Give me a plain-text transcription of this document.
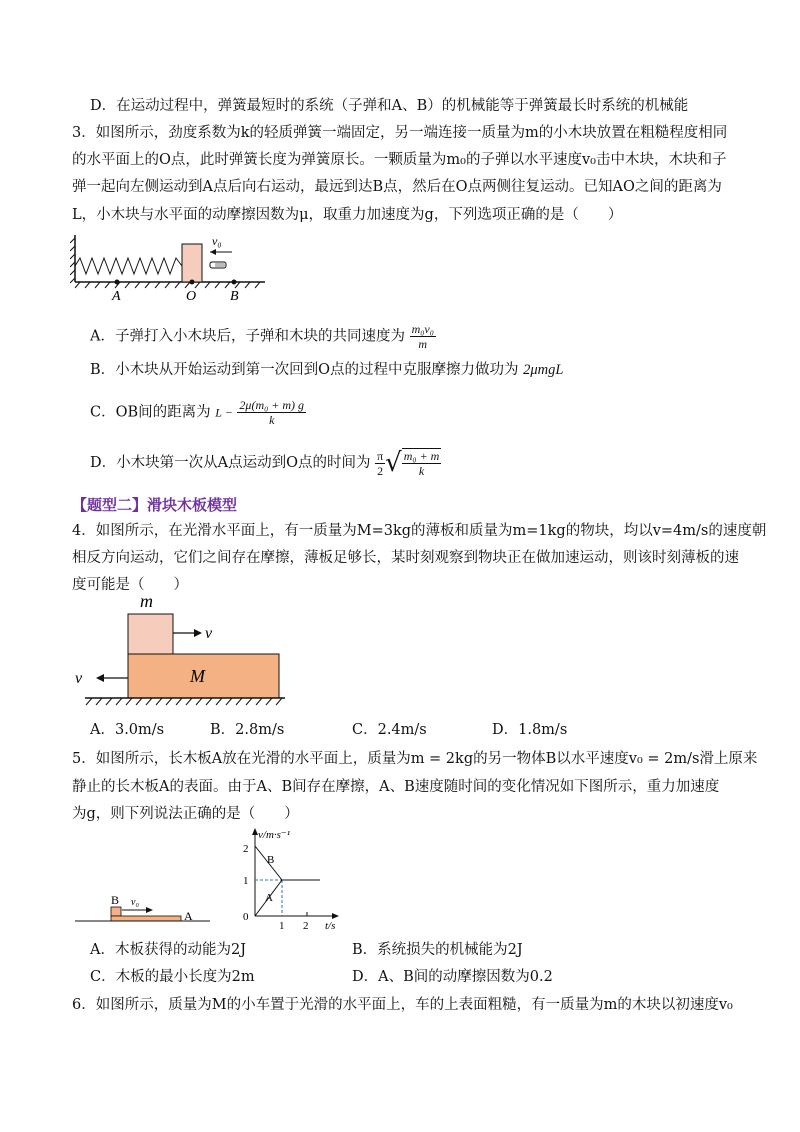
D．在运动过程中，弹簧最短时的系统（子弹和A、B）的机械能等于弹簧最长时系统的机械能
3．如图所示，劲度系数为k的轻质弹簧一端固定，另一端连接一质量为m的小木块放置在粗糙程度相同
的水平面上的O点，此时弹簧长度为弹簧原长。一颗质量为m₀的子弹以水平速度v₀击中木块，木块和子
弹一起向左侧运动到A点后向右运动，最远到达B点，然后在O点两侧往复运动。已知AO之间的距离为
L，小木块与水平面的动摩擦因数为μ，取重力加速度为g，下列选项正确的是（　　）
v₀
A	O B
A．子弹打入小木块后，子弹和木块的共同速度为 $\frac{\text{m₀v₀}}{m}$
B．小木块从开始运动到第一次回到O点的过程中克服摩擦力做功为 2μmgL
C．OB间的距离为 $L - \frac{\text{2μ(m₀ + m) g}}{k}$
D．小木块第一次从A点运动到O点的时间为 $\frac{\pi}{2}$ √ $\frac{\text{m₀ + m}}{k}$
【题型二】滑块木板模型
4．如图所示，在光滑水平面上，有一质量为M=3kg的薄板和质量为m=1kg的物块，均以v=4m/s的速度朝
相反方向运动，它们之间存在摩擦，薄板足够长，某时刻观察到物块正在做加速运动，则该时刻薄板的速
度可能是（　　）
m
v
M
v
A．3.0m/s	B．2.8m/s	C．2.4m/s	D．1.8m/s
5．如图所示，长木板A放在光滑的水平面上，质量为m = 2kg的另一物体B以水平速度v₀ = 2m/s滑上原来
静止的长木板A的表面。由于A、B间存在摩擦，A、B速度随时间的变化情况如下图所示，重力加速度
为g，则下列说法正确的是（　　）
B v₀
A
v/m·s⁻¹
2
1
0
1 2 t/s
B
A
A．木板获得的动能为2J	B．系统损失的机械能为2J
C．木板的最小长度为2m	D．A、B间的动摩擦因数为0.2
6．如图所示，质量为M的小车置于光滑的水平面上，车的上表面粗糙，有一质量为m的木块以初速度v₀
